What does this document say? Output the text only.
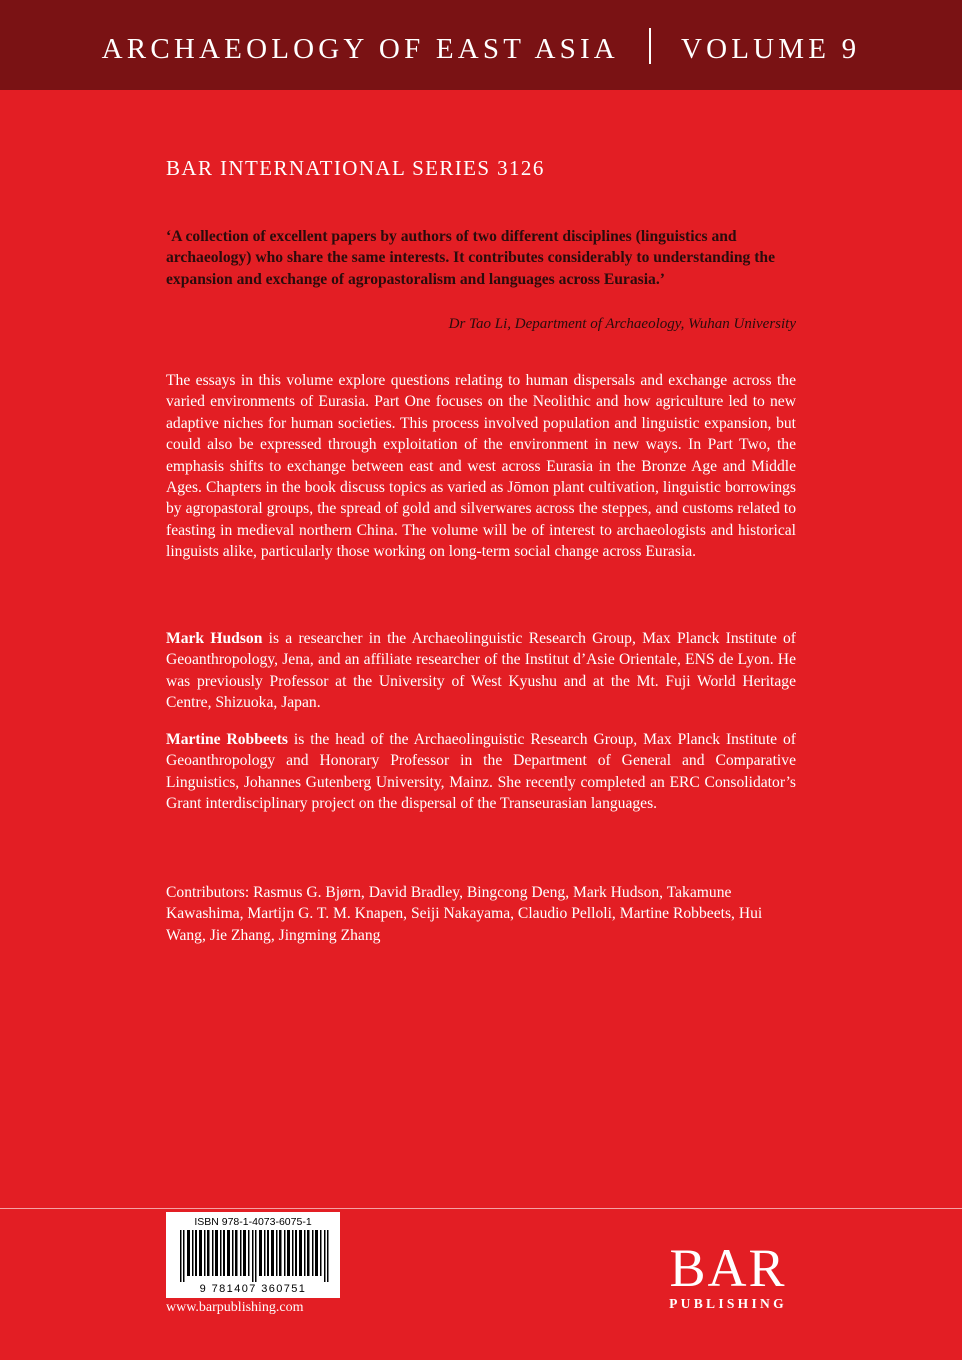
ARCHAEOLOGY OF EAST ASIA VOLUME 9
BAR INTERNATIONAL SERIES 3126
‘A collection of excellent papers by authors of two different disciplines (linguistics and archaeology) who share the same interests. It contributes considerably to understanding the expansion and exchange of agropastoralism and languages across Eurasia.’
Dr Tao Li, Department of Archaeology, Wuhan University
The essays in this volume explore questions relating to human dispersals and exchange across the varied environments of Eurasia. Part One focuses on the Neolithic and how agriculture led to new adaptive niches for human societies. This process involved population and linguistic expansion, but could also be expressed through exploitation of the environment in new ways. In Part Two, the emphasis shifts to exchange between east and west across Eurasia in the Bronze Age and Middle Ages. Chapters in the book discuss topics as varied as Jōmon plant cultivation, linguistic borrowings by agropastoral groups, the spread of gold and silverwares across the steppes, and customs related to feasting in medieval northern China. The volume will be of interest to archaeologists and historical linguists alike, particularly those working on long-term social change across Eurasia.
Mark Hudson is a researcher in the Archaeolinguistic Research Group, Max Planck Institute of Geoanthropology, Jena, and an affiliate researcher of the Institut d’Asie Orientale, ENS de Lyon. He was previously Professor at the University of West Kyushu and at the Mt. Fuji World Heritage Centre, Shizuoka, Japan.
Martine Robbeets is the head of the Archaeolinguistic Research Group, Max Planck Institute of Geoanthropology and Honorary Professor in the Department of General and Comparative Linguistics, Johannes Gutenberg University, Mainz. She recently completed an ERC Consolidator’s Grant interdisciplinary project on the dispersal of the Transeurasian languages.
Contributors: Rasmus G. Bjørn, David Bradley, Bingcong Deng, Mark Hudson, Takamune Kawashima, Martijn G. T. M. Knapen, Seiji Nakayama, Claudio Pelloli, Martine Robbeets, Hui Wang, Jie Zhang, Jingming Zhang
ISBN 978-1-4073-6075-1
9 781407 360751
www.barpublishing.com
BAR
PUBLISHING
